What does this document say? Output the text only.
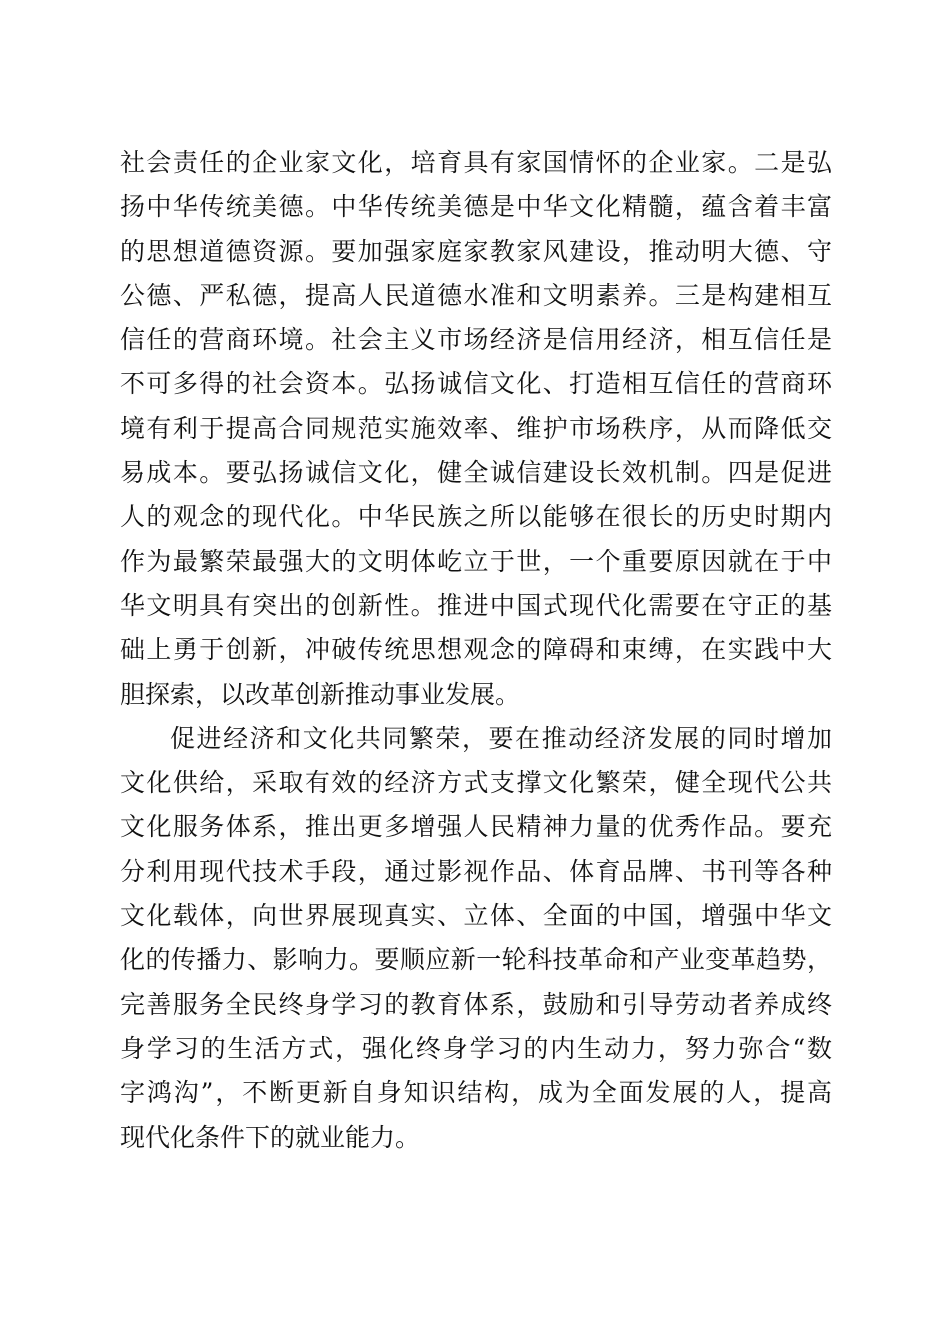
社会责任的企业家文化，培育具有家国情怀的企业家。二是弘
扬中华传统美德。中华传统美德是中华文化精髓，蕴含着丰富
的思想道德资源。要加强家庭家教家风建设，推动明大德、守
公德、严私德，提高人民道德水准和文明素养。三是构建相互
信任的营商环境。社会主义市场经济是信用经济，相互信任是
不可多得的社会资本。弘扬诚信文化、打造相互信任的营商环
境有利于提高合同规范实施效率、维护市场秩序，从而降低交
易成本。要弘扬诚信文化，健全诚信建设长效机制。四是促进
人的观念的现代化。中华民族之所以能够在很长的历史时期内
作为最繁荣最强大的文明体屹立于世，一个重要原因就在于中
华文明具有突出的创新性。推进中国式现代化需要在守正的基
础上勇于创新，冲破传统思想观念的障碍和束缚，在实践中大
胆探索，以改革创新推动事业发展。
促进经济和文化共同繁荣，要在推动经济发展的同时增加
文化供给，采取有效的经济方式支撑文化繁荣，健全现代公共
文化服务体系，推出更多增强人民精神力量的优秀作品。要充
分利用现代技术手段，通过影视作品、体育品牌、书刊等各种
文化载体，向世界展现真实、立体、全面的中国，增强中华文
化的传播力、影响力。要顺应新一轮科技革命和产业变革趋势，
完善服务全民终身学习的教育体系，鼓励和引导劳动者养成终
身学习的生活方式，强化终身学习的内生动力，努力弥合“数
字鸿沟”，不断更新自身知识结构，成为全面发展的人，提高
现代化条件下的就业能力。
